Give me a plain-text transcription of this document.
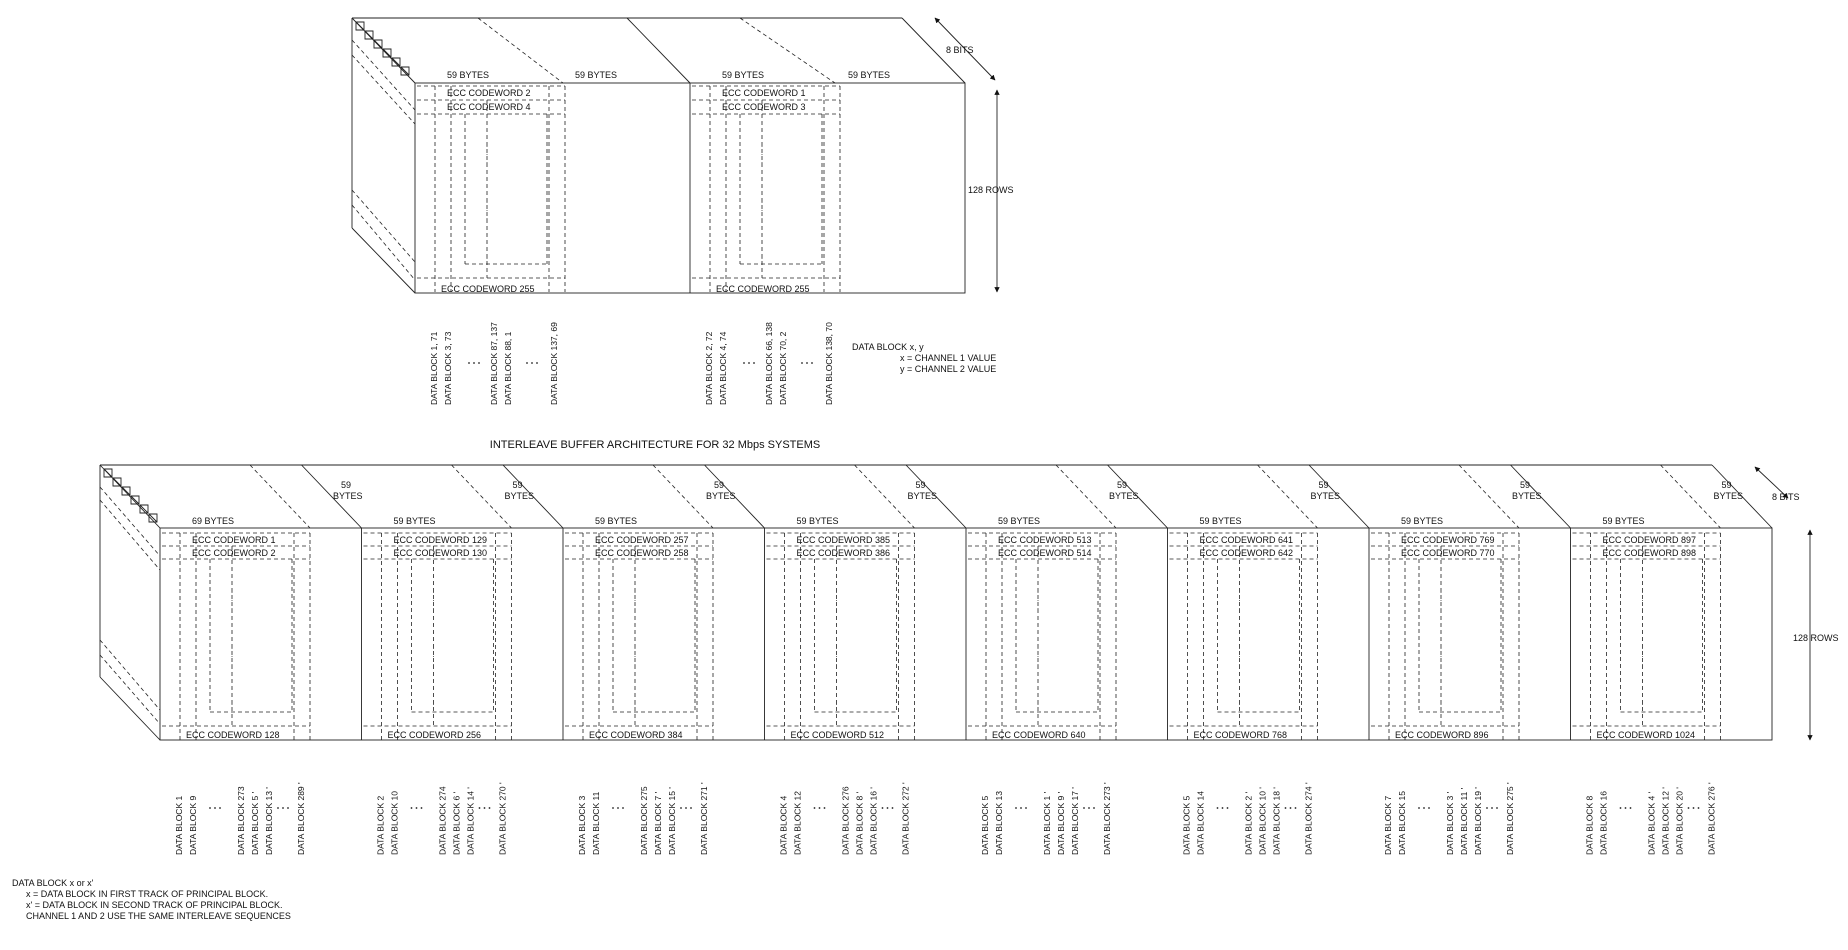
INTERLEAVE BUFFER ARCHITECTURE FOR 32 Mbps SYSTEMS
DATA BLOCK x, y
x = CHANNEL 1 VALUE
y = CHANNEL 2 VALUE
DATA BLOCK x or x'
x = DATA BLOCK IN FIRST TRACK OF PRINCIPAL BLOCK.
x' = DATA BLOCK IN SECOND TRACK OF PRINCIPAL BLOCK.
CHANNEL 1 AND 2 USE THE SAME INTERLEAVE SEQUENCES
8 BITS
128 ROWS
8 BITS
128 ROWS
59 BYTES	59 BYTES
ECC CODEWORD 2
ECC CODEWORD 4
ECC CODEWORD 255
DATA BLOCK 1, 71 DATA BLOCK 3, 73	DATA BLOCK 87, 137 DATA BLOCK 88, 1	DATA BLOCK 137, 69
59 BYTES	59 BYTES
ECC CODEWORD 1
ECC CODEWORD 3
ECC CODEWORD 255
DATA BLOCK 2, 72 DATA BLOCK 4, 74	DATA BLOCK 66, 138 DATA BLOCK 70, 2	DATA BLOCK 138, 70
59
BYTES
69 BYTES
ECC CODEWORD 1
ECC CODEWORD 2
ECC CODEWORD 128
DATA BLOCK 1 DATA BLOCK 9	DATA BLOCK 273 DATA BLOCK 5 ' DATA BLOCK 13 '	DATA BLOCK 289 '
59
BYTES
59 BYTES
ECC CODEWORD 129
ECC CODEWORD 130
ECC CODEWORD 256
DATA BLOCK 2 DATA BLOCK 10	DATA BLOCK 274 DATA BLOCK 6 ' DATA BLOCK 14 '	DATA BLOCK 270 '
59
BYTES
59 BYTES
ECC CODEWORD 257
ECC CODEWORD 258
ECC CODEWORD 384
DATA BLOCK 3 DATA BLOCK 11	DATA BLOCK 275 DATA BLOCK 7 ' DATA BLOCK 15 '	DATA BLOCK 271 '
59
BYTES
59 BYTES
ECC CODEWORD 385
ECC CODEWORD 386
ECC CODEWORD 512
DATA BLOCK 4 DATA BLOCK 12	DATA BLOCK 276 DATA BLOCK 8 ' DATA BLOCK 16 '	DATA BLOCK 272 '
59
BYTES
59 BYTES
ECC CODEWORD 513
ECC CODEWORD 514
ECC CODEWORD 640
DATA BLOCK 5 DATA BLOCK 13	DATA BLOCK 1 ' DATA BLOCK 9 ' DATA BLOCK 17 '	DATA BLOCK 273 '
59
BYTES
59 BYTES
ECC CODEWORD 641
ECC CODEWORD 642
ECC CODEWORD 768
DATA BLOCK 5 DATA BLOCK 14	DATA BLOCK 2 ' DATA BLOCK 10 ' DATA BLOCK 18 '	DATA BLOCK 274 '
59
BYTES
59 BYTES
ECC CODEWORD 769
ECC CODEWORD 770
ECC CODEWORD 896
DATA BLOCK 7 DATA BLOCK 15	DATA BLOCK 3 ' DATA BLOCK 11 ' DATA BLOCK 19 '	DATA BLOCK 275 '
59
BYTES
59 BYTES
ECC CODEWORD 897
ECC CODEWORD 898
ECC CODEWORD 1024
DATA BLOCK 8 DATA BLOCK 16	DATA BLOCK 4 ' DATA BLOCK 12 ' DATA BLOCK 20 '	DATA BLOCK 276 '
